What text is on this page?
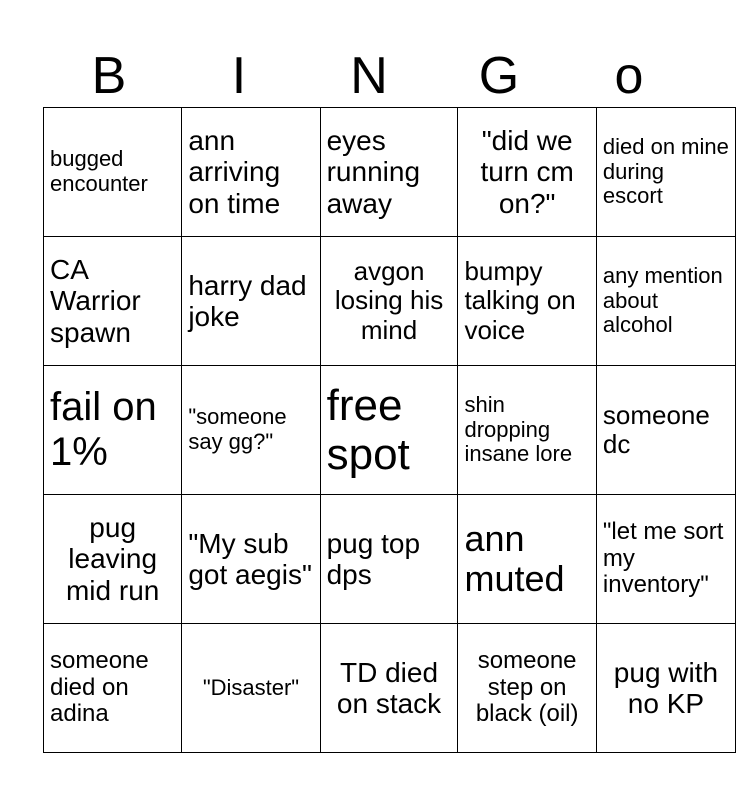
B	I	N	G	o
bugged encounter	ann arriving on time	eyes running away	"did we turn cm on?"	died on mine during escort
CA Warrior spawn	harry dad joke	avgon losing his mind	bumpy talking on voice	any mention about alcohol
fail on 1%	"someone say gg?"	free spot	shin dropping insane lore	someone dc
pug leaving mid run	"My sub got aegis"	pug top dps	ann muted	"let me sort my inventory"
someone died on adina	"Disaster"	TD died on stack	someone step on black (oil)	pug with no KP
